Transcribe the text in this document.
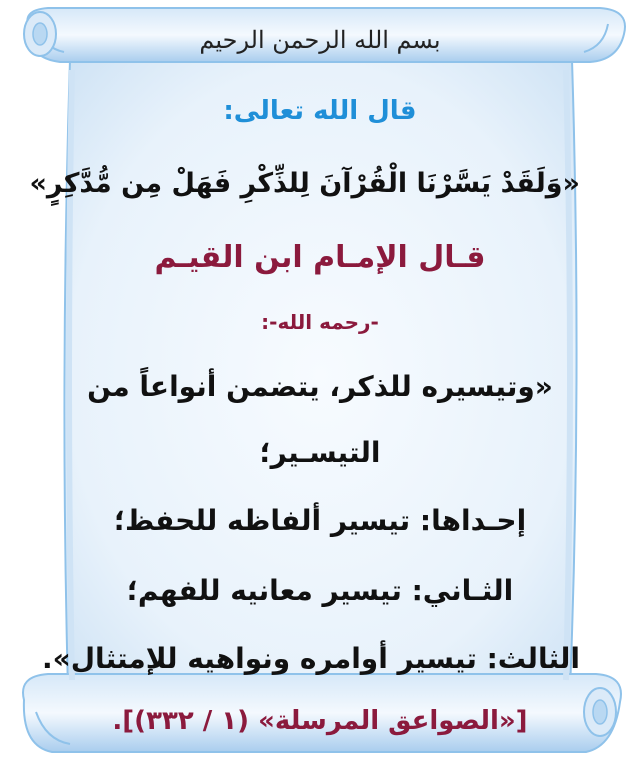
بسم الله الرحمن الرحيم
قال الله تعالى:
«وَلَقَدْ يَسَّرْنَا الْقُرْآنَ لِلذِّكْرِ فَهَلْ مِن مُّدَّكِرٍ»
قـال الإمـام ابن القيـم
-رحمه الله-:
«وتيسيره للذكر، يتضمن أنواعاً من
التيسـير؛
إحـداها: تيسير ألفاظه للحفظ؛
الثـاني: تيسير معانيه للفهم؛
الثالث: تيسير أوامره ونواهيه للإمتثال».
[«الصواعق المرسلة» (١ / ٣٣٢)].
